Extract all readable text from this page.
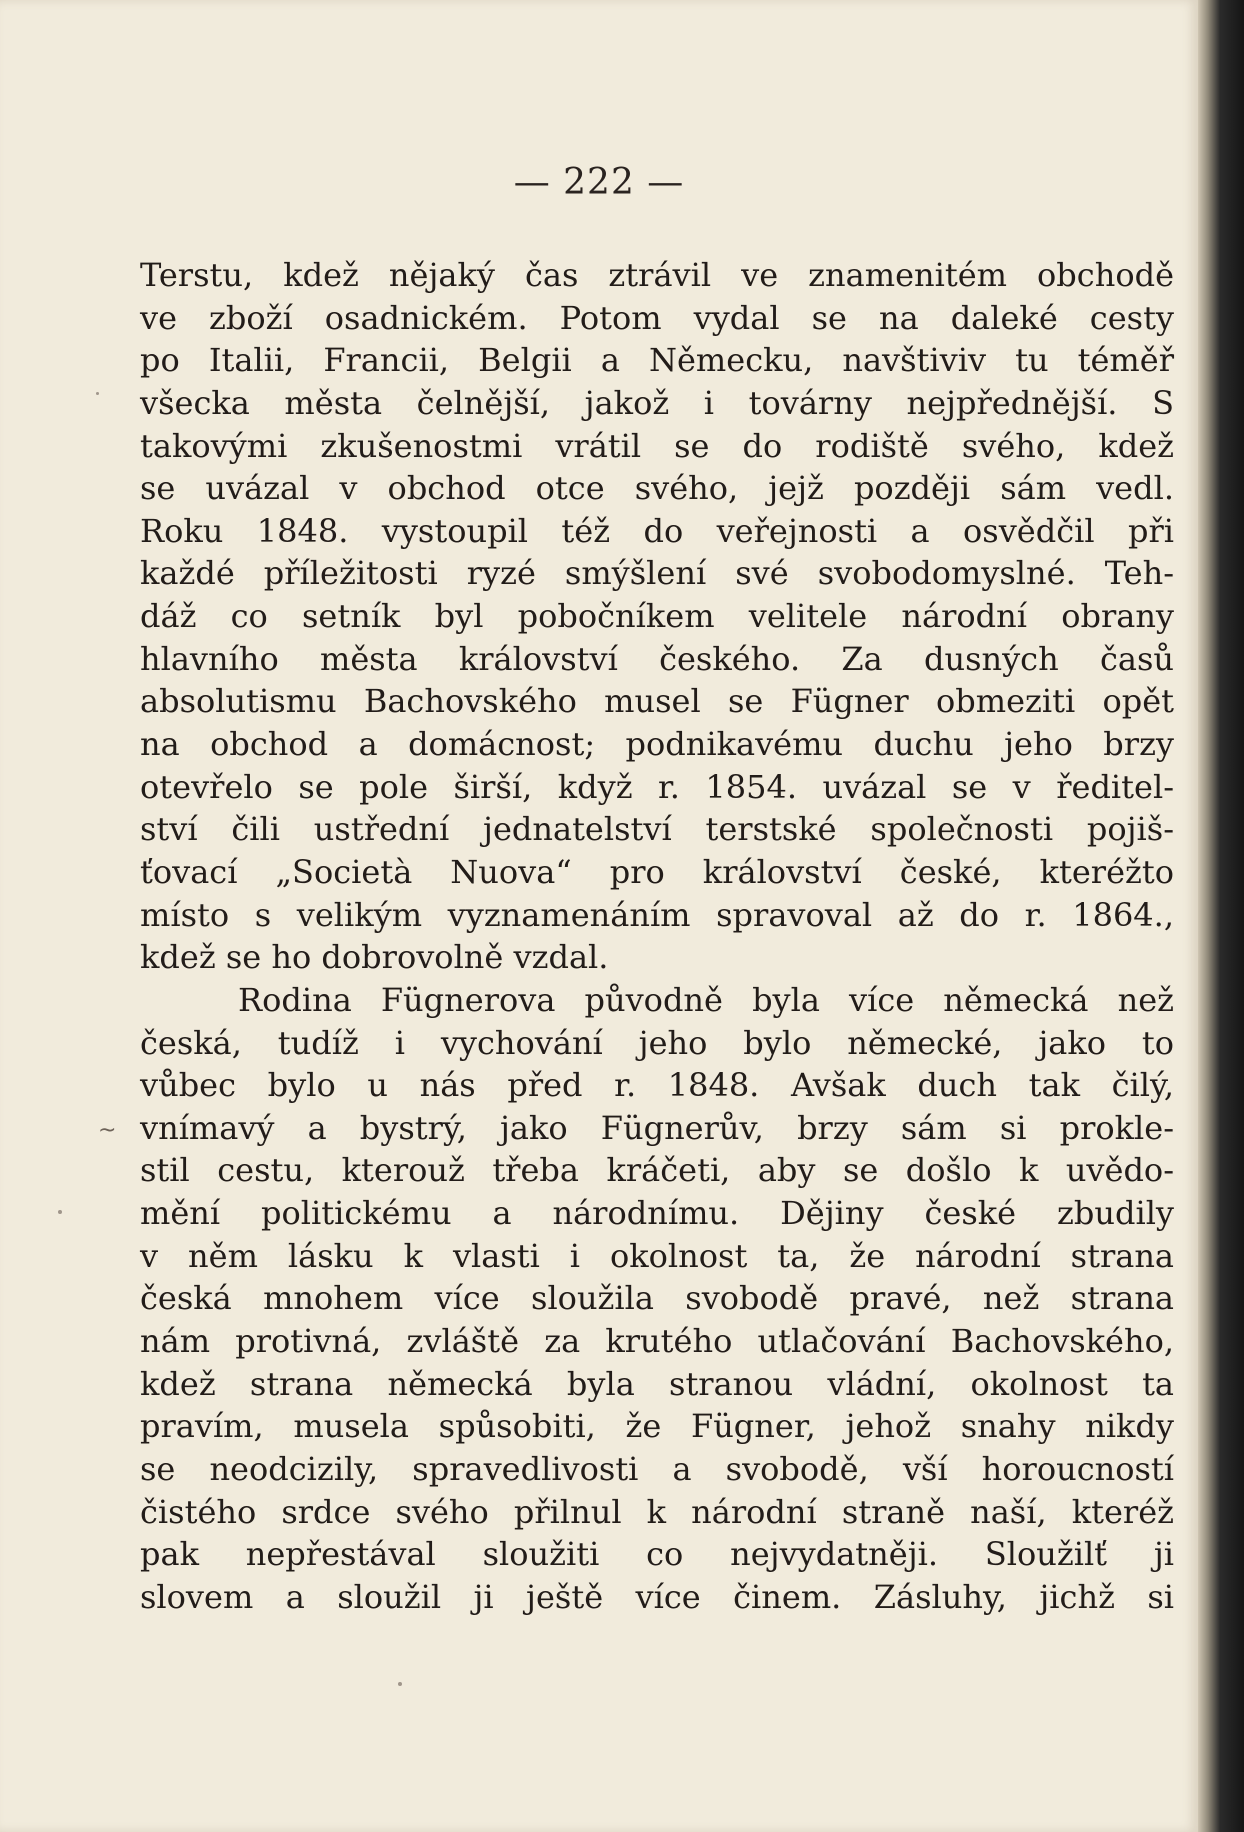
— 222 —
Terstu, kdež nějaký čas ztrávil ve znamenitém obchodě
ve zboží osadnickém. Potom vydal se na daleké cesty
po Italii, Francii, Belgii a Německu, navštiviv tu téměř
všecka města čelnější, jakož i továrny nejpřednější. S
takovými zkušenostmi vrátil se do rodiště svého, kdež
se uvázal v obchod otce svého, jejž později sám vedl.
Roku 1848. vystoupil též do veřejnosti a osvědčil při
každé příležitosti ryzé smýšlení své svobodomyslné. Teh-
dáž co setník byl pobočníkem velitele národní obrany
hlavního města království českého. Za dusných časů
absolutismu Bachovského musel se Fügner obmeziti opět
na obchod a domácnost; podnikavému duchu jeho brzy
otevřelo se pole širší, když r. 1854. uvázal se v ředitel-
ství čili ustřední jednatelství terstské společnosti pojiš-
ťovací „Società Nuova“ pro království české, kteréžto
místo s velikým vyznamenáním spravoval až do r. 1864.,
kdež se ho dobrovolně vzdal.
Rodina Fügnerova původně byla více německá než
česká, tudíž i vychování jeho bylo německé, jako to
vůbec bylo u nás před r. 1848. Avšak duch tak čilý,
vnímavý a bystrý, jako Fügnerův, brzy sám si prokle-
stil cestu, kterouž třeba kráčeti, aby se došlo k uvědo-
mění politickému a národnímu. Dějiny české zbudily
v něm lásku k vlasti i okolnost ta, že národní strana
česká mnohem více sloužila svobodě pravé, než strana
nám protivná, zvláště za krutého utlačování Bachovského,
kdež strana německá byla stranou vládní, okolnost ta
pravím, musela spůsobiti, že Fügner, jehož snahy nikdy
se neodcizily, spravedlivosti a svobodě, vší horoucností
čistého srdce svého přilnul k národní straně naší, kteréž
pak nepřestával sloužiti co nejvydatněji. Sloužilť ji
slovem a sloužil ji ještě více činem. Zásluhy, jichž si
~
